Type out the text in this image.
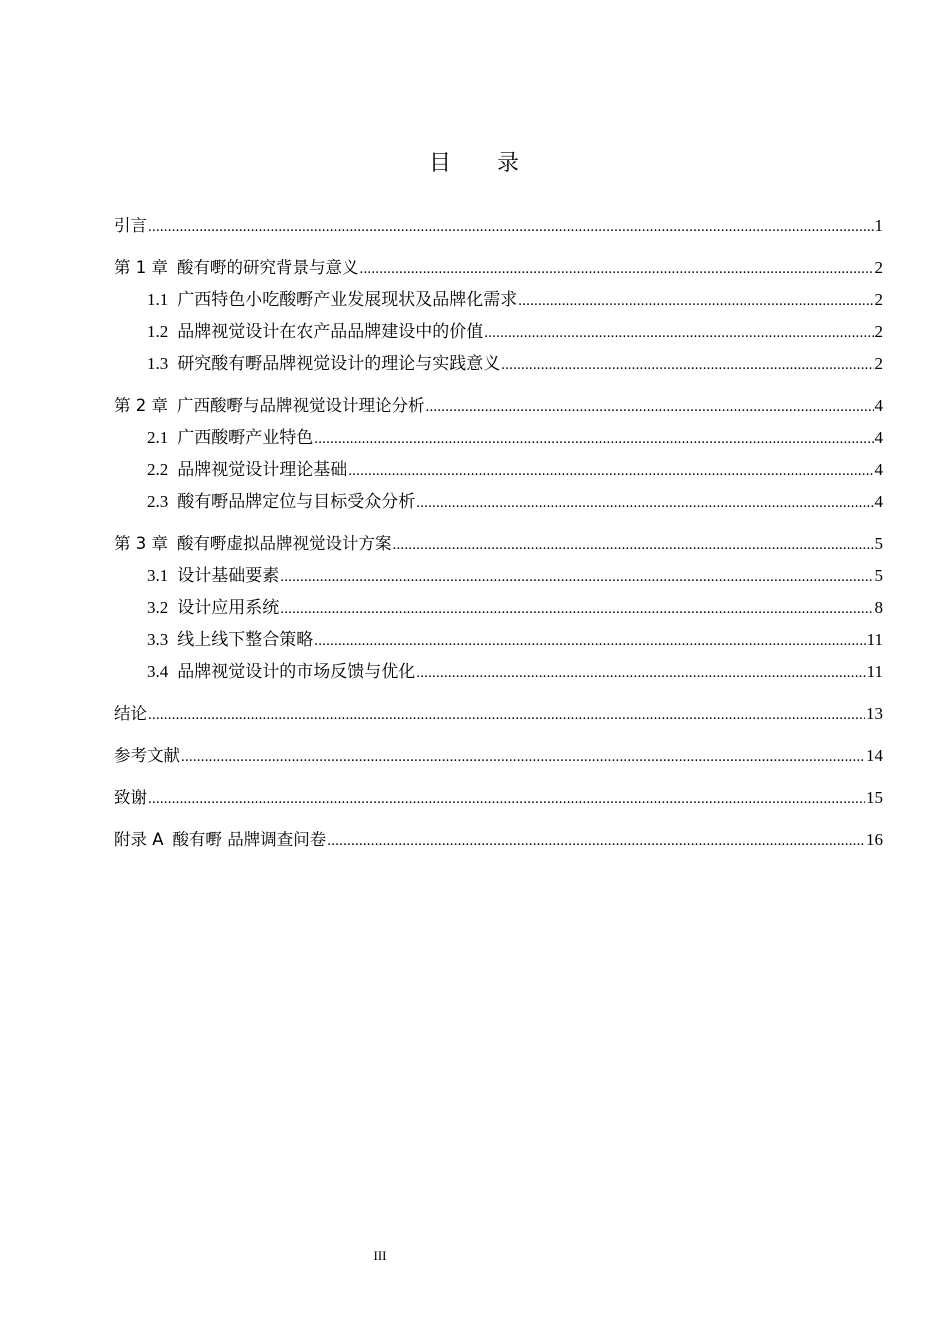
目 录
引言 .....	1
第 1 章 酸有嘢的研究背景与意义 .....	2
1.1 广西特色小吃酸嘢产业发展现状及品牌化需求 .....	2
1.2 品牌视觉设计在农产品品牌建设中的价值 .....	2
1.3 研究酸有嘢品牌视觉设计的理论与实践意义 .....	2
第 2 章 广西酸嘢与品牌视觉设计理论分析 .....	4
2.1 广西酸嘢产业特色 .....	4
2.2 品牌视觉设计理论基础 .....	4
2.3 酸有嘢品牌定位与目标受众分析 .....	4
第 3 章 酸有嘢虚拟品牌视觉设计方案 .....	5
3.1 设计基础要素 .....	5
3.2 设计应用系统 .....	8
3.3 线上线下整合策略 .....	11
3.4 品牌视觉设计的市场反馈与优化 .....	11
结论 .....	13
参考文献 .....	14
致谢 .....	15
附录 A 酸有嘢 品牌调查问卷 .....	16
III
